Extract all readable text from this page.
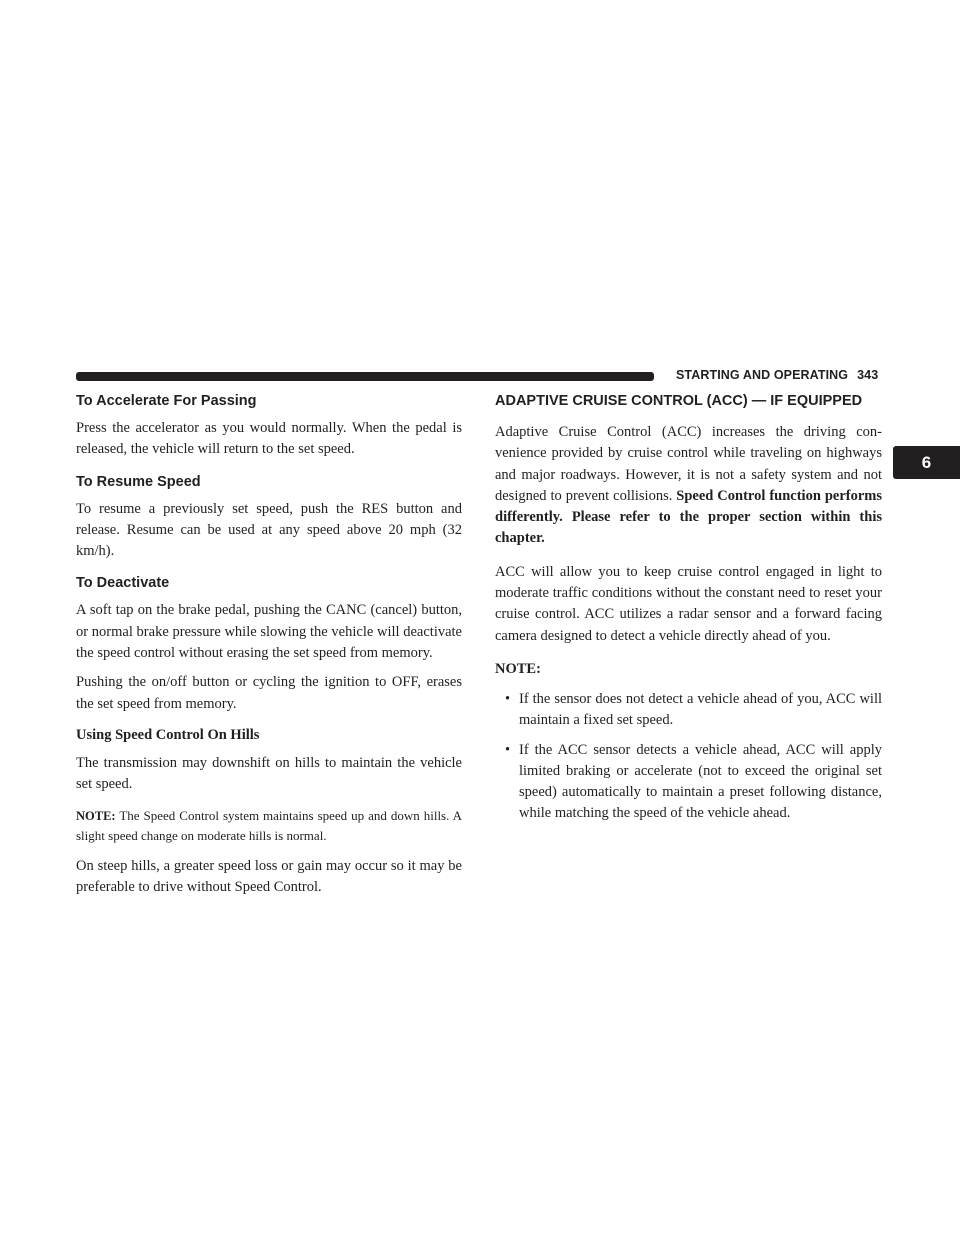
STARTING AND OPERATING 343
To Accelerate For Passing

Press the accelerator as you would normally. When the pedal is released, the vehicle will return to the set speed.

To Resume Speed

To resume a previously set speed, push the RES button and release. Resume can be used at any speed above 20 mph (32 km/h).

To Deactivate

A soft tap on the brake pedal, pushing the CANC (cancel) button, or normal brake pressure while slowing the vehicle will deactivate the speed control without erasing the set speed from memory.

Pushing the on/off button or cycling the ignition to OFF, erases the set speed from memory.

Using Speed Control On Hills

The transmission may downshift on hills to maintain the vehicle set speed.

NOTE: The Speed Control system maintains speed up and down hills. A slight speed change on moderate hills is normal.

On steep hills, a greater speed loss or gain may occur so it may be preferable to drive without Speed Control.

ADAPTIVE CRUISE CONTROL (ACC) — IF EQUIPPED

Adaptive Cruise Control (ACC) increases the driving con-venience provided by cruise control while traveling on highways and major roadways. However, it is not a safety system and not designed to prevent collisions. Speed Control function performs differently. Please refer to the proper section within this chapter.

ACC will allow you to keep cruise control engaged in light to moderate traffic conditions without the constant need to reset your cruise control. ACC utilizes a radar sensor and a forward facing camera designed to detect a vehicle directly ahead of you.

NOTE:
• If the sensor does not detect a vehicle ahead of you, ACC will maintain a fixed set speed.
• If the ACC sensor detects a vehicle ahead, ACC will apply limited braking or accelerate (not to exceed the original set speed) automatically to maintain a preset following distance, while matching the speed of the vehicle ahead.
6
